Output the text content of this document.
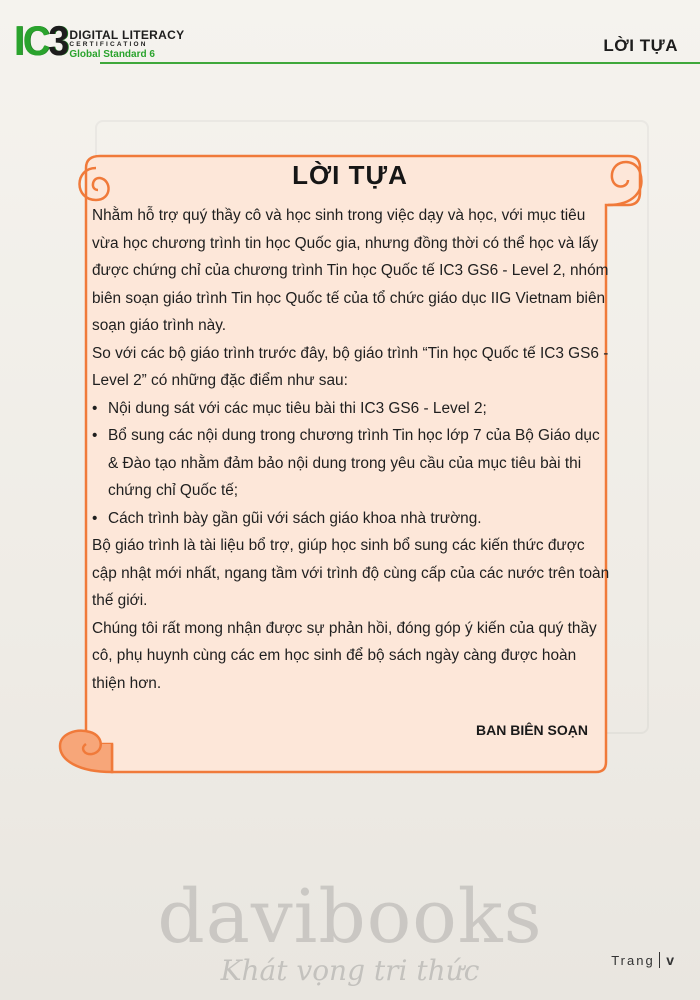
IC3 DIGITAL LITERACY
CERTIFICATION
Global Standard 6	LỜI TỰA
LỜI TỰA

Nhằm hỗ trợ quý thầy cô và học sinh trong việc dạy và học, với mục tiêu vừa học chương trình tin học Quốc gia, nhưng đồng thời có thể học và lấy được chứng chỉ của chương trình Tin học Quốc tế IC3 GS6 - Level 2, nhóm biên soạn giáo trình Tin học Quốc tế của tổ chức giáo dục IIG Vietnam biên soạn giáo trình này.

So với các bộ giáo trình trước đây, bộ giáo trình “Tin học Quốc tế IC3 GS6 - Level 2” có những đặc điểm như sau:

• Nội dung sát với các mục tiêu bài thi IC3 GS6 - Level 2;
• Bổ sung các nội dung trong chương trình Tin học lớp 7 của Bộ Giáo dục & Đào tạo nhằm đảm bảo nội dung trong yêu cầu của mục tiêu bài thi chứng chỉ Quốc tế;
• Cách trình bày gần gũi với sách giáo khoa nhà trường.

Bộ giáo trình là tài liệu bổ trợ, giúp học sinh bổ sung các kiến thức được cập nhật mới nhất, ngang tầm với trình độ cùng cấp của các nước trên toàn thế giới.

Chúng tôi rất mong nhận được sự phản hồi, đóng góp ý kiến của quý thầy cô, phụ huynh cùng các em học sinh để bộ sách ngày càng được hoàn thiện hơn.

BAN BIÊN SOẠN
davibooks
Khát vọng tri thức	Trang v
